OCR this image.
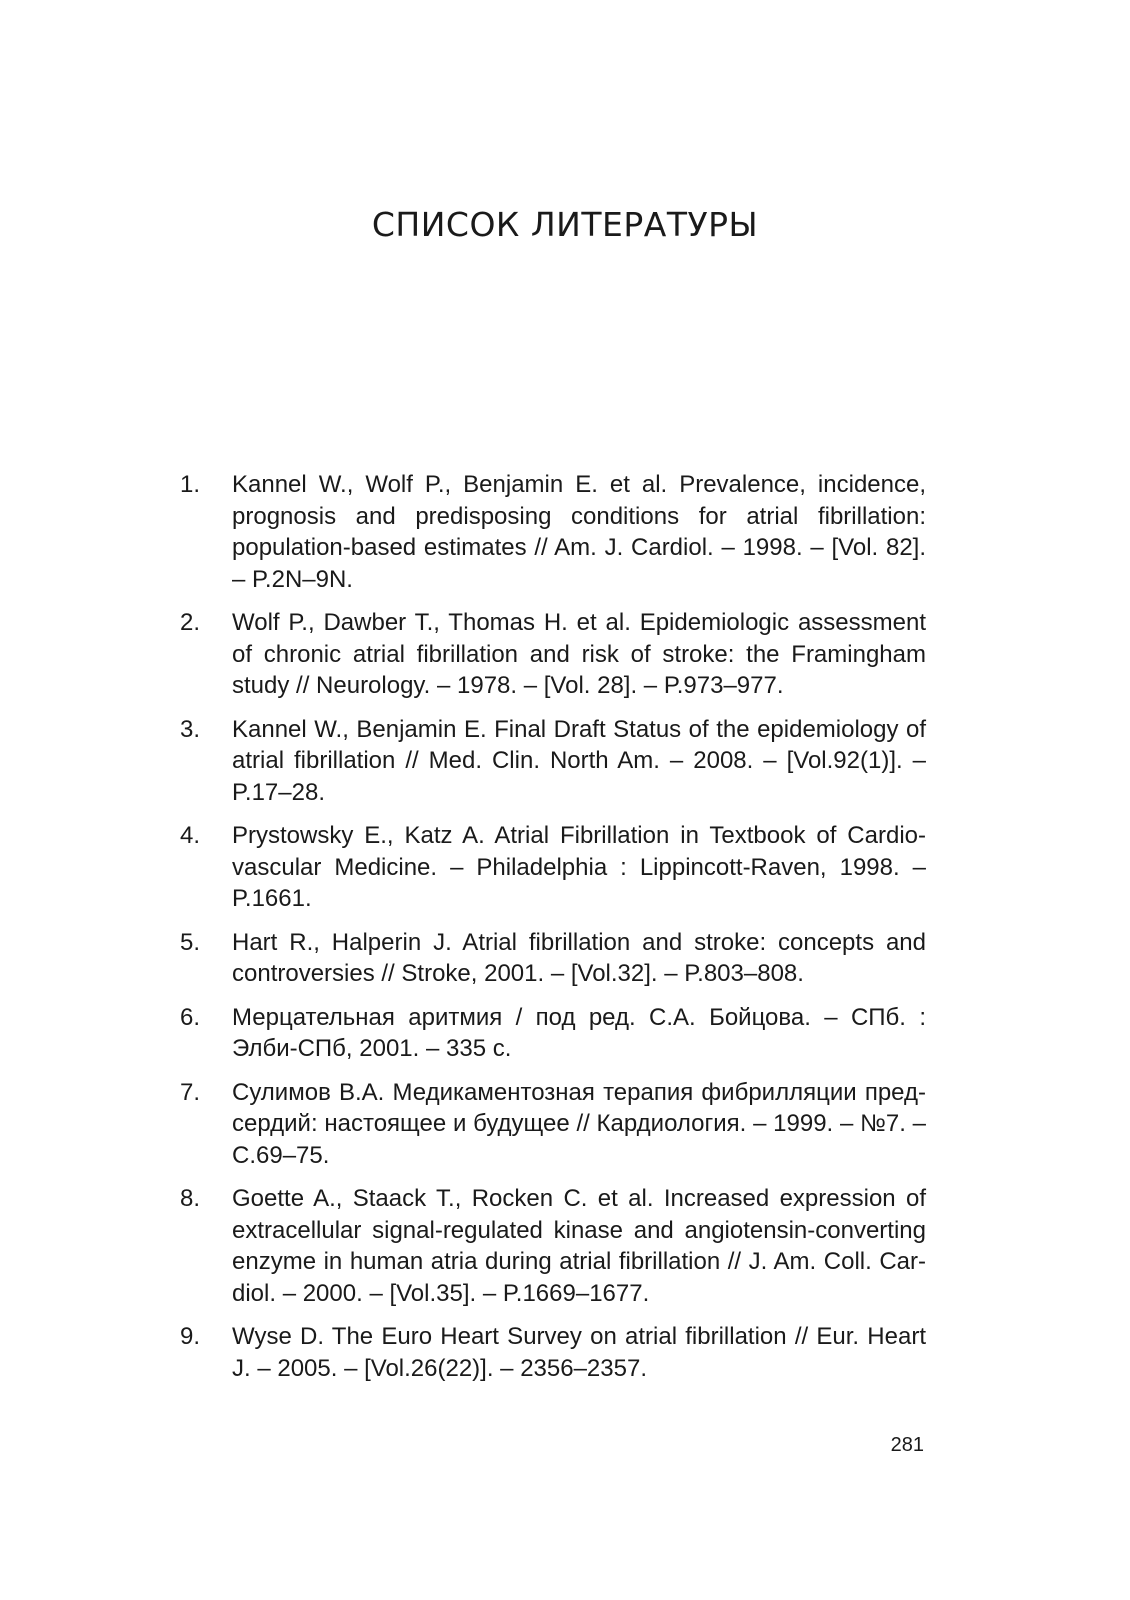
СПИСОК ЛИТЕРАТУРЫ
1. Kannel W., Wolf P., Benjamin E. et al. Prevalence, incidence, prognosis and predisposing conditions for atrial fibrillation: population-based estimates // Am. J. Cardiol. – 1998. – [Vol. 82]. – P.2N–9N.
2. Wolf P., Dawber T., Thomas H. et al. Epidemiologic assessment of chronic atrial fibrillation and risk of stroke: the Framingham study // Neurology. – 1978. – [Vol. 28]. – P.973–977.
3. Kannel W., Benjamin E. Final Draft Status of the epidemiology of atrial fibrillation // Med. Clin. North Am. – 2008. – [Vol.92(1)]. – P.17–28.
4. Prystowsky E., Katz A. Atrial Fibrillation in Textbook of Cardiovascular Medicine. – Philadelphia : Lippincott-Raven, 1998. – P.1661.
5. Hart R., Halperin J. Atrial fibrillation and stroke: concepts and controversies // Stroke, 2001. – [Vol.32]. – P.803–808.
6. Мерцательная аритмия / под ред. С.А. Бойцова. – СПб. : Элби-СПб, 2001. – 335 с.
7. Сулимов В.А. Медикаментозная терапия фибрилляции предсердий: настоящее и будущее // Кардиология. – 1999. – №7. – С.69–75.
8. Goette A., Staack T., Rocken C. et al. Increased expression of extracellular signal-regulated kinase and angiotensin-converting enzyme in human atria during atrial fibrillation // J. Am. Coll. Cardiol. – 2000. – [Vol.35]. – P.1669–1677.
9. Wyse D. The Euro Heart Survey on atrial fibrillation // Eur. Heart J. – 2005. – [Vol.26(22)]. – 2356–2357.
281
